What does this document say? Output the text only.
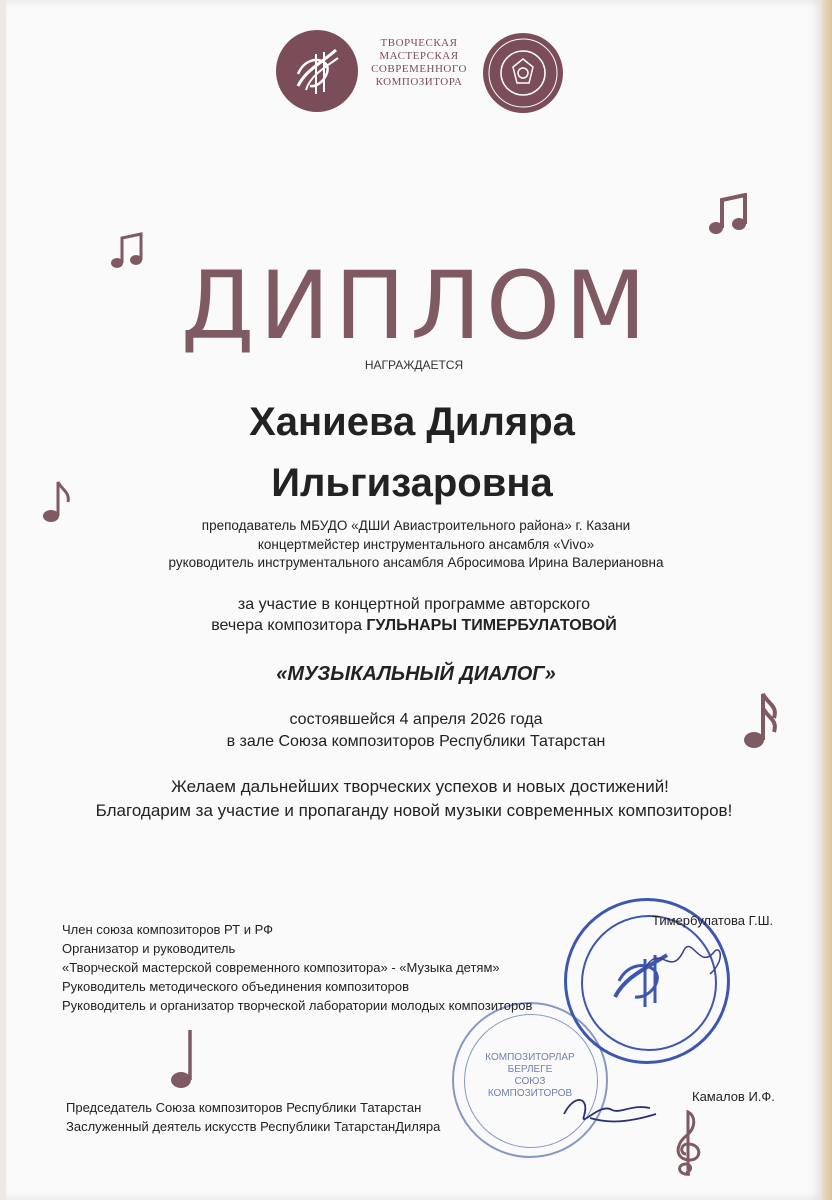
ТВОРЧЕСКАЯ
МАСТЕРСКАЯ
СОВРЕМЕННОГО
КОМПОЗИТОРА
ДИПЛОМ
НАГРАЖДАЕТСЯ
Ханиева Диляра
Ильгизаровна
преподаватель МБУДО «ДШИ Авиастроительного района» г. Казани
концертмейстер инструментального ансамбля «Vivo»
руководитель инструментального ансамбля Абросимова Ирина Валериановна
за участие в концертной программе авторского
вечера композитора ГУЛЬНАРЫ ТИМЕРБУЛАТОВОЙ
«МУЗЫКАЛЬНЫЙ ДИАЛОГ»
состоявшейся 4 апреля 2026 года
в зале Союза композиторов Республики Татарстан
Желаем дальнейших творческих успехов и новых достижений!
Благодарим за участие и пропаганду новой музыки современных композиторов!
КОМПОЗИТОРЛАР
БЕРЛЕГЕ
СОЮЗ
КОМПОЗИТОРОВ
Член союза композиторов РТ и РФ
Организатор и руководитель
«Творческой мастерской современного композитора» - «Музыка детям»
Руководитель методического объединения композиторов
Руководитель и организатор творческой лаборатории молодых композиторов
Тимербулатова Г.Ш.
Председатель Союза композиторов Республики Татарстан
Заслуженный деятель искусств Республики ТатарстанДиляра
Камалов И.Ф.
